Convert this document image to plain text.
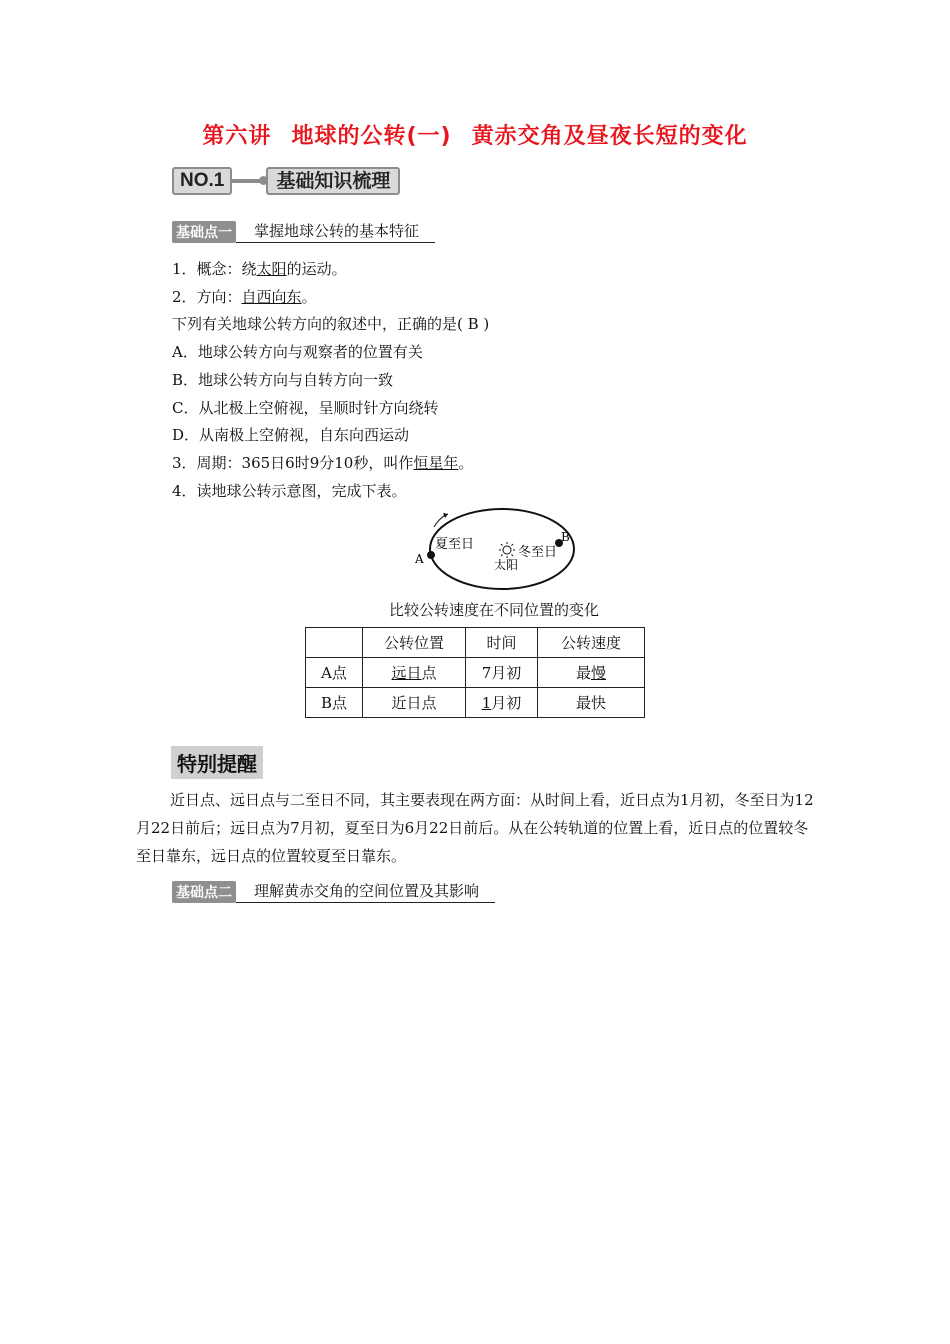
第六讲 地球的公转(一) 黄赤交角及昼夜长短的变化
NO.1	基础知识梳理
基础点一	掌握地球公转的基本特征
1．概念：绕太阳的运动。
2．方向：自西向东。
下列有关地球公转方向的叙述中，正确的是( B )
A．地球公转方向与观察者的位置有关
B．地球公转方向与自转方向一致
C．从北极上空俯视，呈顺时针方向绕转
D．从南极上空俯视，自东向西运动
3．周期：365日6时9分10秒，叫作恒星年。
4．读地球公转示意图，完成下表。
夏至日
冬至日
太阳
A
B
比较公转速度在不同位置的变化
	公转位置	时间	公转速度
A点	远日点	7月初	最慢
B点	近日点	1月初	最快
特别提醒
近日点、远日点与二至日不同，其主要表现在两方面：从时间上看，近日点为1月初，冬至日为12月22日前后；远日点为7月初，夏至日为6月22日前后。从在公转轨道的位置上看，近日点的位置较冬至日靠东，远日点的位置较夏至日靠东。
基础点二	理解黄赤交角的空间位置及其影响
